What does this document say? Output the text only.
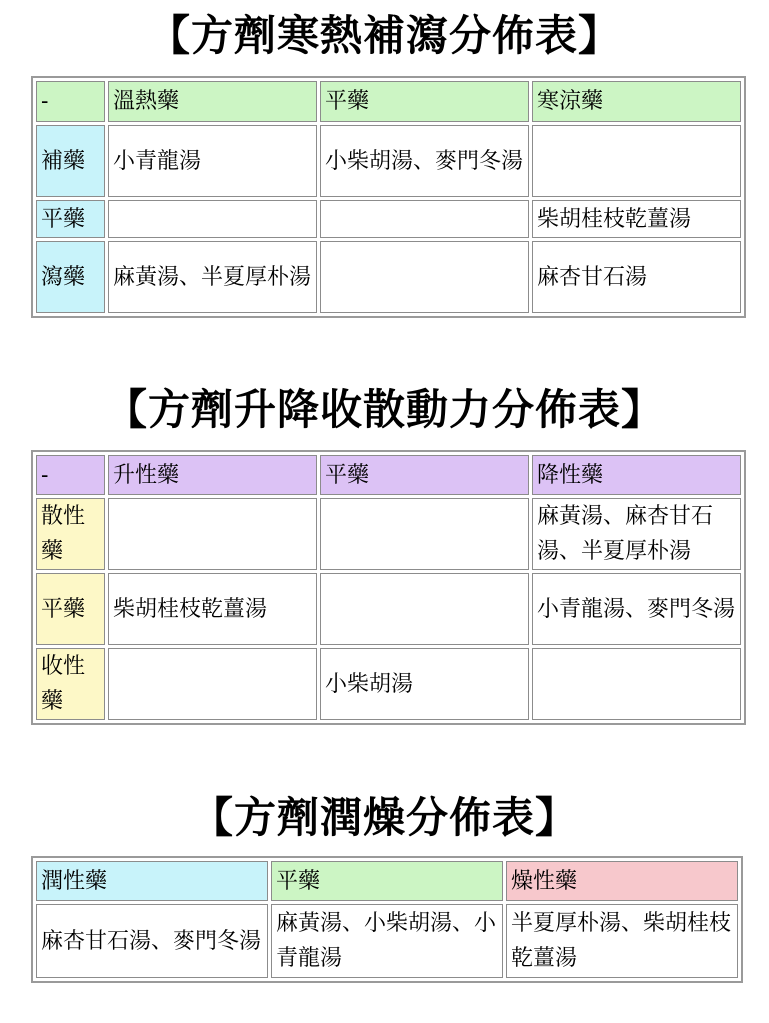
【方劑寒熱補瀉分佈表】
-	溫熱藥	平藥	寒涼藥
補藥	小青龍湯	小柴胡湯、麥門冬湯	
平藥			柴胡桂枝乾薑湯
瀉藥	麻黃湯、半夏厚朴湯		麻杏甘石湯
【方劑升降收散動力分佈表】
-	升性藥	平藥	降性藥
散性藥			麻黃湯、麻杏甘石湯、半夏厚朴湯
平藥	柴胡桂枝乾薑湯		小青龍湯、麥門冬湯
收性藥		小柴胡湯	
【方劑潤燥分佈表】
潤性藥	平藥	燥性藥
麻杏甘石湯、麥門冬湯	麻黃湯、小柴胡湯、小青龍湯	半夏厚朴湯、柴胡桂枝乾薑湯
